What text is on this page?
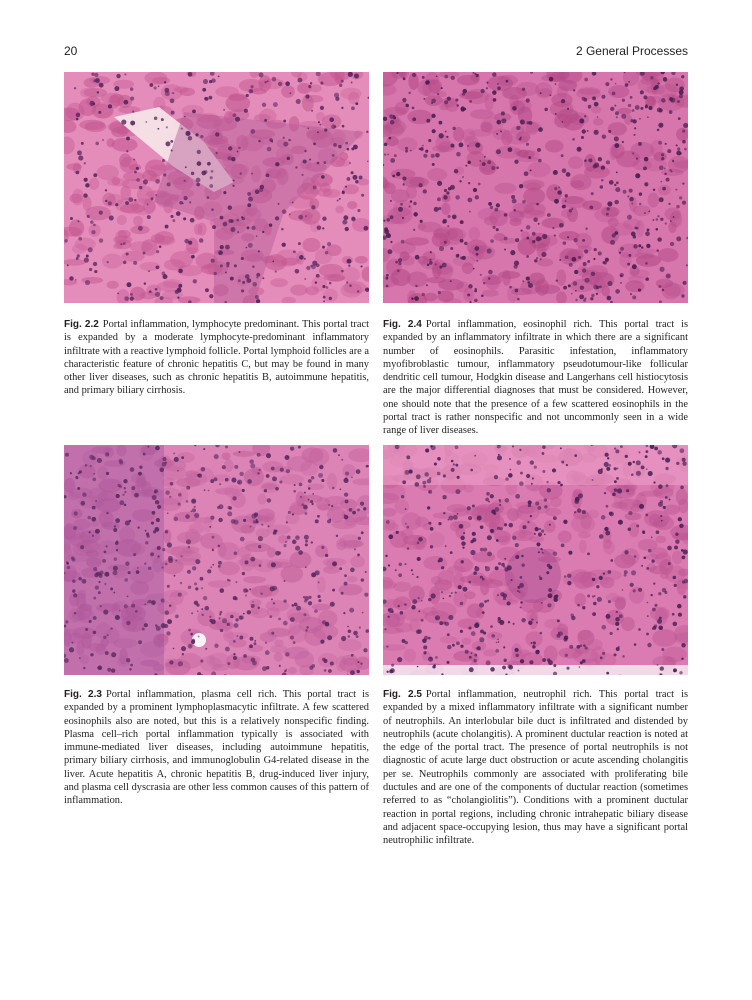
20	2 General Processes
Fig. 2.2 Portal inflammation, lymphocyte predominant. This portal tract is expanded by a moderate lymphocyte-predominant inflammatory infiltrate with a reactive lymphoid follicle. Portal lymphoid follicles are a characteristic feature of chronic hepatitis C, but may be found in many other liver diseases, such as chronic hepatitis B, autoimmune hepatitis, and primary biliary cirrhosis.
Fig. 2.4 Portal inflammation, eosinophil rich. This portal tract is expanded by an inflammatory infiltrate in which there are a significant number of eosinophils. Parasitic infestation, inflammatory myofibroblastic tumour, inflammatory pseudotumour-like follicular dendritic cell tumour, Hodgkin disease and Langerhans cell histiocytosis are the major differential diagnoses that must be considered. However, one should note that the presence of a few scattered eosinophils in the portal tract is rather nonspecific and not uncommonly seen in a wide range of liver diseases.
Fig. 2.3 Portal inflammation, plasma cell rich. This portal tract is expanded by a prominent lymphoplasmacytic infiltrate. A few scattered eosinophils also are noted, but this is a relatively nonspecific finding. Plasma cell–rich portal inflammation typically is associated with immune-mediated liver diseases, including autoimmune hepatitis, primary biliary cirrhosis, and immunoglobulin G4-related disease in the liver. Acute hepatitis A, chronic hepatitis B, drug-induced liver injury, and plasma cell dyscrasia are other less common causes of this pattern of inflammation.
Fig. 2.5 Portal inflammation, neutrophil rich. This portal tract is expanded by a mixed inflammatory infiltrate with a significant number of neutrophils. An interlobular bile duct is infiltrated and distended by neutrophils (acute cholangitis). A prominent ductular reaction is noted at the edge of the portal tract. The presence of portal neutrophils is not diagnostic of acute large duct obstruction or acute ascending cholangitis per se. Neutrophils commonly are associated with proliferating bile ductules and are one of the components of ductular reaction (sometimes referred to as “cholangiolitis”). Conditions with a prominent ductular reaction in portal regions, including chronic intrahepatic biliary disease and adjacent space-occupying lesion, thus may have a significant portal neutrophilic infiltrate.
